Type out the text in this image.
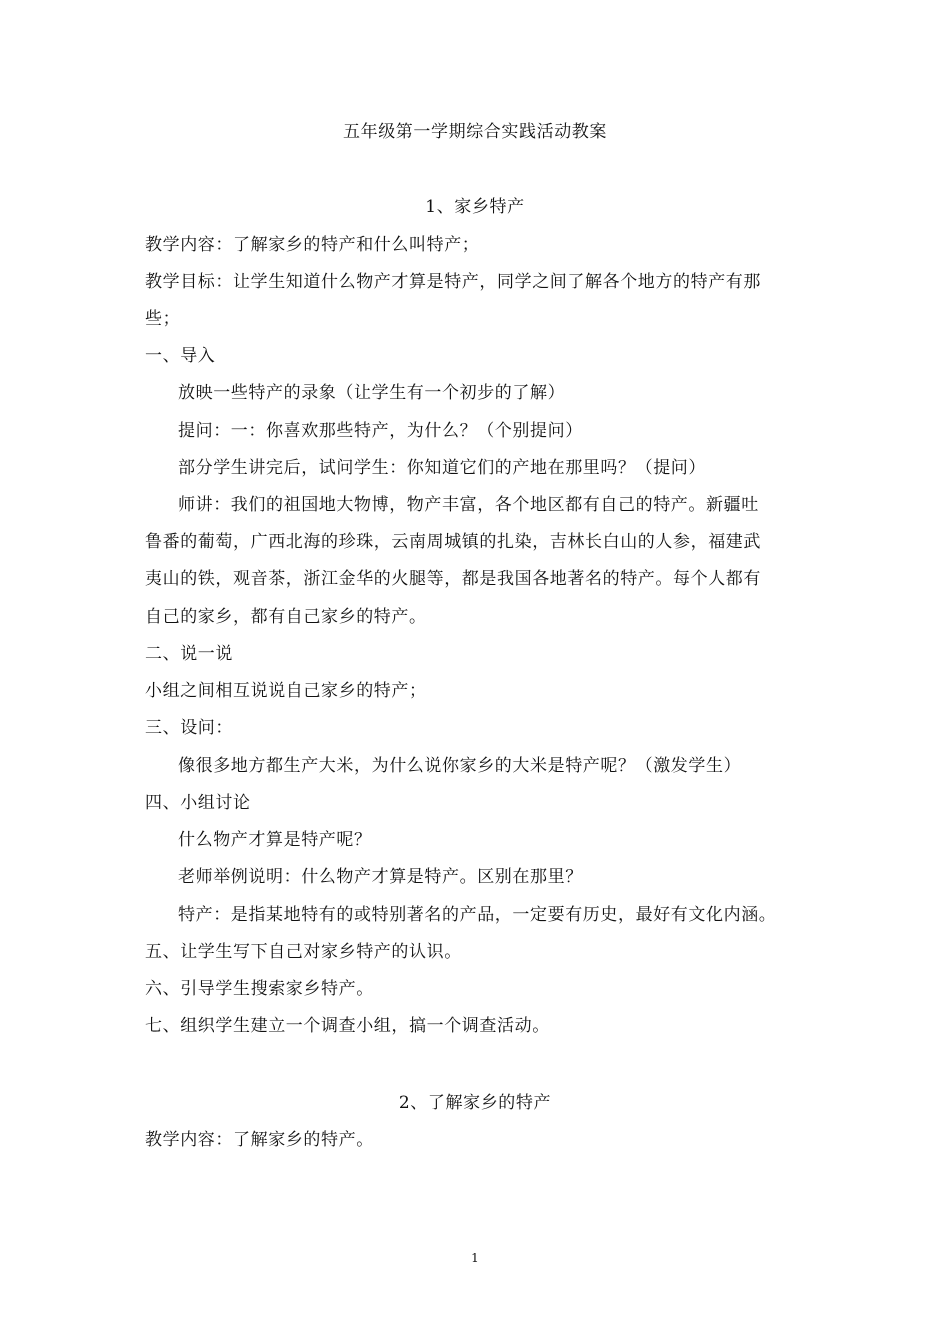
五年级第一学期综合实践活动教案
1、家乡特产
教学内容：了解家乡的特产和什么叫特产；
教学目标：让学生知道什么物产才算是特产，同学之间了解各个地方的特产有那
些；
一、导入
放映一些特产的录象（让学生有一个初步的了解）
提问：一：你喜欢那些特产，为什么？（个别提问）
部分学生讲完后，试问学生：你知道它们的产地在那里吗？（提问）
师讲：我们的祖国地大物博，物产丰富，各个地区都有自己的特产。新疆吐
鲁番的葡萄，广西北海的珍珠，云南周城镇的扎染，吉林长白山的人参，福建武
夷山的铁，观音茶，浙江金华的火腿等，都是我国各地著名的特产。每个人都有
自己的家乡，都有自己家乡的特产。
二、说一说
小组之间相互说说自己家乡的特产；
三、设问：
像很多地方都生产大米，为什么说你家乡的大米是特产呢？（激发学生）
四、小组讨论
什么物产才算是特产呢？
老师举例说明：什么物产才算是特产。区别在那里？
特产：是指某地特有的或特别著名的产品，一定要有历史，最好有文化内涵。
五、让学生写下自己对家乡特产的认识。
六、引导学生搜索家乡特产。
七、组织学生建立一个调查小组，搞一个调查活动。
2、了解家乡的特产
教学内容：了解家乡的特产。
1
